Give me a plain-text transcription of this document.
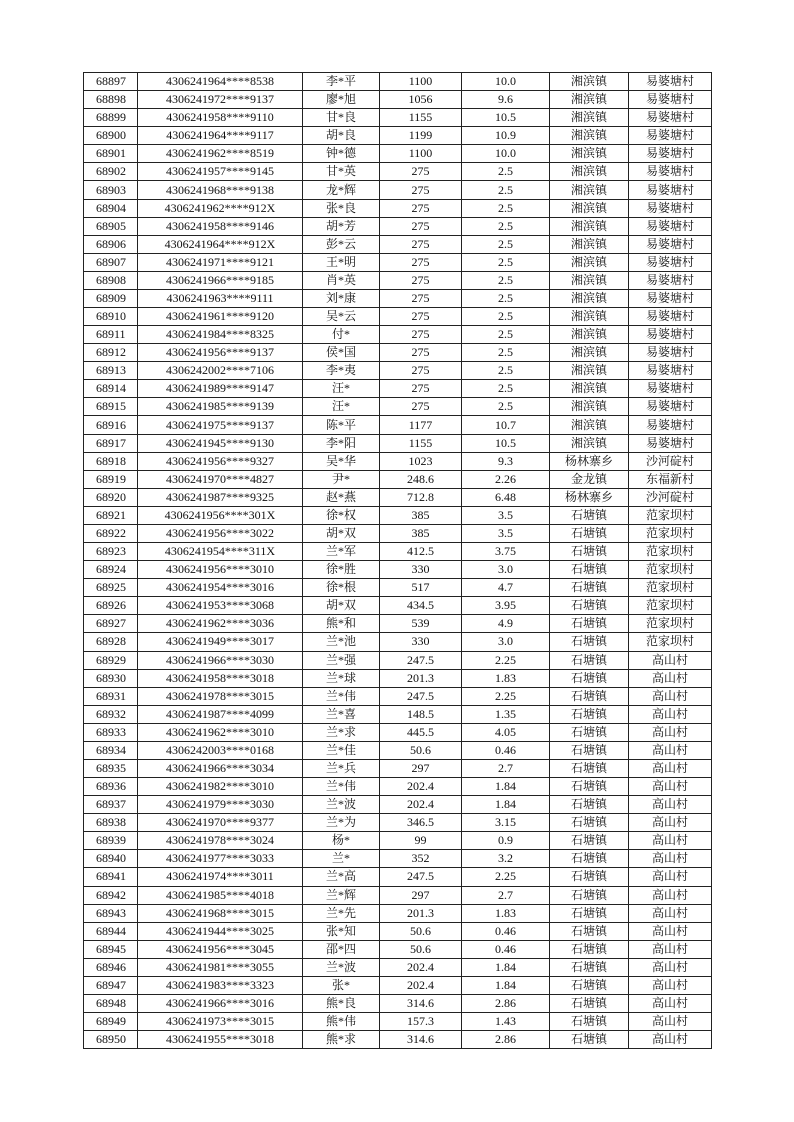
68897	4306241964****8538	李*平	1100	10.0	湘滨镇	易婆塘村
68898	4306241972****9137	廖*旭	1056	9.6	湘滨镇	易婆塘村
68899	4306241958****9110	甘*良	1155	10.5	湘滨镇	易婆塘村
68900	4306241964****9117	胡*良	1199	10.9	湘滨镇	易婆塘村
68901	4306241962****8519	钟*德	1100	10.0	湘滨镇	易婆塘村
68902	4306241957****9145	甘*英	275	2.5	湘滨镇	易婆塘村
68903	4306241968****9138	龙*辉	275	2.5	湘滨镇	易婆塘村
68904	4306241962****912X	张*良	275	2.5	湘滨镇	易婆塘村
68905	4306241958****9146	胡*芳	275	2.5	湘滨镇	易婆塘村
68906	4306241964****912X	彭*云	275	2.5	湘滨镇	易婆塘村
68907	4306241971****9121	王*明	275	2.5	湘滨镇	易婆塘村
68908	4306241966****9185	肖*英	275	2.5	湘滨镇	易婆塘村
68909	4306241963****9111	刘*康	275	2.5	湘滨镇	易婆塘村
68910	4306241961****9120	吴*云	275	2.5	湘滨镇	易婆塘村
68911	4306241984****8325	付*	275	2.5	湘滨镇	易婆塘村
68912	4306241956****9137	侯*国	275	2.5	湘滨镇	易婆塘村
68913	4306242002****7106	李*夷	275	2.5	湘滨镇	易婆塘村
68914	4306241989****9147	汪*	275	2.5	湘滨镇	易婆塘村
68915	4306241985****9139	汪*	275	2.5	湘滨镇	易婆塘村
68916	4306241975****9137	陈*平	1177	10.7	湘滨镇	易婆塘村
68917	4306241945****9130	李*阳	1155	10.5	湘滨镇	易婆塘村
68918	4306241956****9327	吴*华	1023	9.3	杨林寨乡	沙河碇村
68919	4306241970****4827	尹*	248.6	2.26	金龙镇	东福新村
68920	4306241987****9325	赵*燕	712.8	6.48	杨林寨乡	沙河碇村
68921	4306241956****301X	徐*权	385	3.5	石塘镇	范家坝村
68922	4306241956****3022	胡*双	385	3.5	石塘镇	范家坝村
68923	4306241954****311X	兰*军	412.5	3.75	石塘镇	范家坝村
68924	4306241956****3010	徐*胜	330	3.0	石塘镇	范家坝村
68925	4306241954****3016	徐*根	517	4.7	石塘镇	范家坝村
68926	4306241953****3068	胡*双	434.5	3.95	石塘镇	范家坝村
68927	4306241962****3036	熊*和	539	4.9	石塘镇	范家坝村
68928	4306241949****3017	兰*池	330	3.0	石塘镇	范家坝村
68929	4306241966****3030	兰*强	247.5	2.25	石塘镇	高山村
68930	4306241958****3018	兰*球	201.3	1.83	石塘镇	高山村
68931	4306241978****3015	兰*伟	247.5	2.25	石塘镇	高山村
68932	4306241987****4099	兰*喜	148.5	1.35	石塘镇	高山村
68933	4306241962****3010	兰*求	445.5	4.05	石塘镇	高山村
68934	4306242003****0168	兰*佳	50.6	0.46	石塘镇	高山村
68935	4306241966****3034	兰*兵	297	2.7	石塘镇	高山村
68936	4306241982****3010	兰*伟	202.4	1.84	石塘镇	高山村
68937	4306241979****3030	兰*波	202.4	1.84	石塘镇	高山村
68938	4306241970****9377	兰*为	346.5	3.15	石塘镇	高山村
68939	4306241978****3024	杨*	99	0.9	石塘镇	高山村
68940	4306241977****3033	兰*	352	3.2	石塘镇	高山村
68941	4306241974****3011	兰*高	247.5	2.25	石塘镇	高山村
68942	4306241985****4018	兰*辉	297	2.7	石塘镇	高山村
68943	4306241968****3015	兰*先	201.3	1.83	石塘镇	高山村
68944	4306241944****3025	张*知	50.6	0.46	石塘镇	高山村
68945	4306241956****3045	邵*四	50.6	0.46	石塘镇	高山村
68946	4306241981****3055	兰*波	202.4	1.84	石塘镇	高山村
68947	4306241983****3323	张*	202.4	1.84	石塘镇	高山村
68948	4306241966****3016	熊*良	314.6	2.86	石塘镇	高山村
68949	4306241973****3015	熊*伟	157.3	1.43	石塘镇	高山村
68950	4306241955****3018	熊*求	314.6	2.86	石塘镇	高山村
